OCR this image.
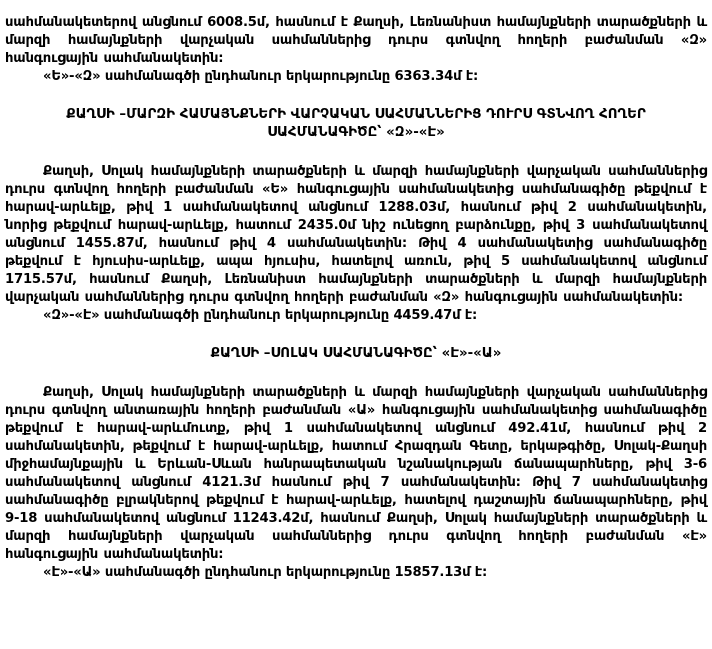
սահմանակետերով անցնում 6008.5մ, հասնում է Քաղսի, Լեռնանիստ համայնքների տարածքների և մարզի համայնքների վարչական սահմաններից դուրս գտնվող հողերի բաժանման «Զ» հանգուցային սահմանակետին:

«Ե»-«Զ» սահմանագծի ընդհանուր երկարությունը 6363.34մ է:

ՔԱՂՍԻ –ՄԱՐԶԻ ՀԱՄԱՅՆՔՆԵՐԻ ՎԱՐՉԱԿԱՆ ՍԱՀՄԱՆՆԵՐԻՑ ԴՈՒՐՍ ԳՏՆՎՈՂ ՀՈՂԵՐ
ՍԱՀՄԱՆԱԳԻԾԸ՝ «Զ»-«Է»

Քաղսի, Սոլակ համայնքների տարածքների և մարզի համայնքների վարչական սահմաններից դուրս գտնվող հողերի բաժանման «Ե» հանգուցային սահմանակետից սահմանագիծը թեքվում է հարավ-արևելք, թիվ 1 սահմանակետով անցնում 1288.03մ, հասնում թիվ 2 սահմանակետին, նորից թեքվում հարավ-արևելք, հատում 2435.0մ նիշ ունեցող բարձունքը, թիվ 3 սահմանակետով անցնում 1455.87մ, հասնում թիվ 4 սահմանակետին: Թիվ 4 սահմանակետից սահմանագիծը թեքվում է հյուսիս-արևելք, ապա հյուսիս, հատելով առուն, թիվ 5 սահմանակետով անցնում 1715.57մ, հասնում Քաղսի, Լեռնանիստ համայնքների տարածքների և մարզի համայնքների վարչական սահմաններից դուրս գտնվող հողերի բաժանման «Զ» հանգուցային սահմանակետին:

«Զ»-«Է» սահմանագծի ընդհանուր երկարությունը 4459.47մ է:

ՔԱՂՍԻ –ՍՈԼԱԿ ՍԱՀՄԱՆԱԳԻԾԸ՝ «Է»-«Ա»

Քաղսի, Սոլակ համայնքների տարածքների և մարզի համայնքների վարչական սահմաններից դուրս գտնվող անտառային հողերի բաժանման «Ա» հանգուցային սահմանակետից սահմանագիծը թեքվում է հարավ-արևմուտք, թիվ 1 սահմանակետով անցնում 492.41մ, հասնում թիվ 2 սահմանակետին, թեքվում է հարավ-արևելք, հատում Հրազդան Գետը, երկաթգիծը, Սոլակ-Քաղսի միջհամայնքային և Երևան-Սևան հանրապետական նշանակության ճանապարհները, թիվ 3-6 սահմանակետով անցնում 4121.3մ հասնում թիվ 7 սահմանակետին: Թիվ 7 սահմանակետից սահմանագիծը բլրակներով թեքվում է հարավ-արևելք, հատելով դաշտային ճանապարհները, թիվ 9-18 սահմանակետով անցնում 11243.42մ, հասնում Քաղսի, Սոլակ համայնքների տարածքների և մարզի համայնքների վարչական սահմաններից դուրս գտնվող հողերի բաժանման «Է» հանգուցային սահմանակետին:

«Է»-«Ա» սահմանագծի ընդհանուր երկարությունը 15857.13մ է:
